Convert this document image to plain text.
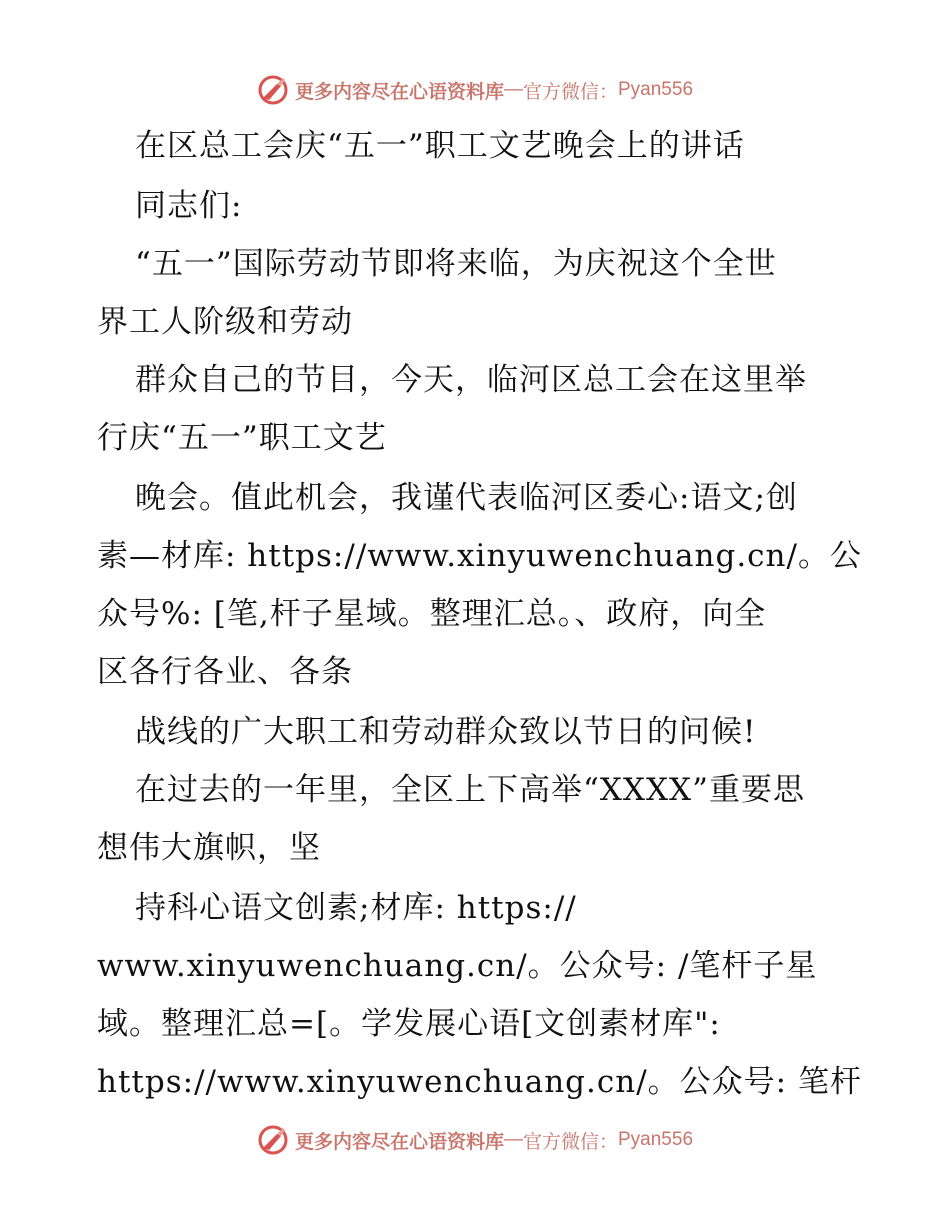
更多内容尽在心语资料库 — 官方微信： Pyan556
在区总工会庆“五一”职工文艺晚会上的讲话
同志们:
“五一”国际劳动节即将来临，为庆祝这个全世
界工人阶级和劳动
群众自己的节目，今天，临河区总工会在这里举
行庆“五一”职工文艺
晚会。值此机会，我谨代表临河区委心:语文;创
素—材库: https://www.xinyuwenchuang.cn/。公
众号%: [笔,杆子星域。整理汇总。、政府，向全
区各行各业、各条
战线的广大职工和劳动群众致以节日的问候!
在过去的一年里，全区上下高举“XXXX”重要思
想伟大旗帜，坚
持科心语文创素;材库: https://
www.xinyuwenchuang.cn/。公众号: /笔杆子星
域。整理汇总=[。学发展心语[文创素材库":
https://www.xinyuwenchuang.cn/。公众号: 笔杆
更多内容尽在心语资料库 — 官方微信： Pyan556
